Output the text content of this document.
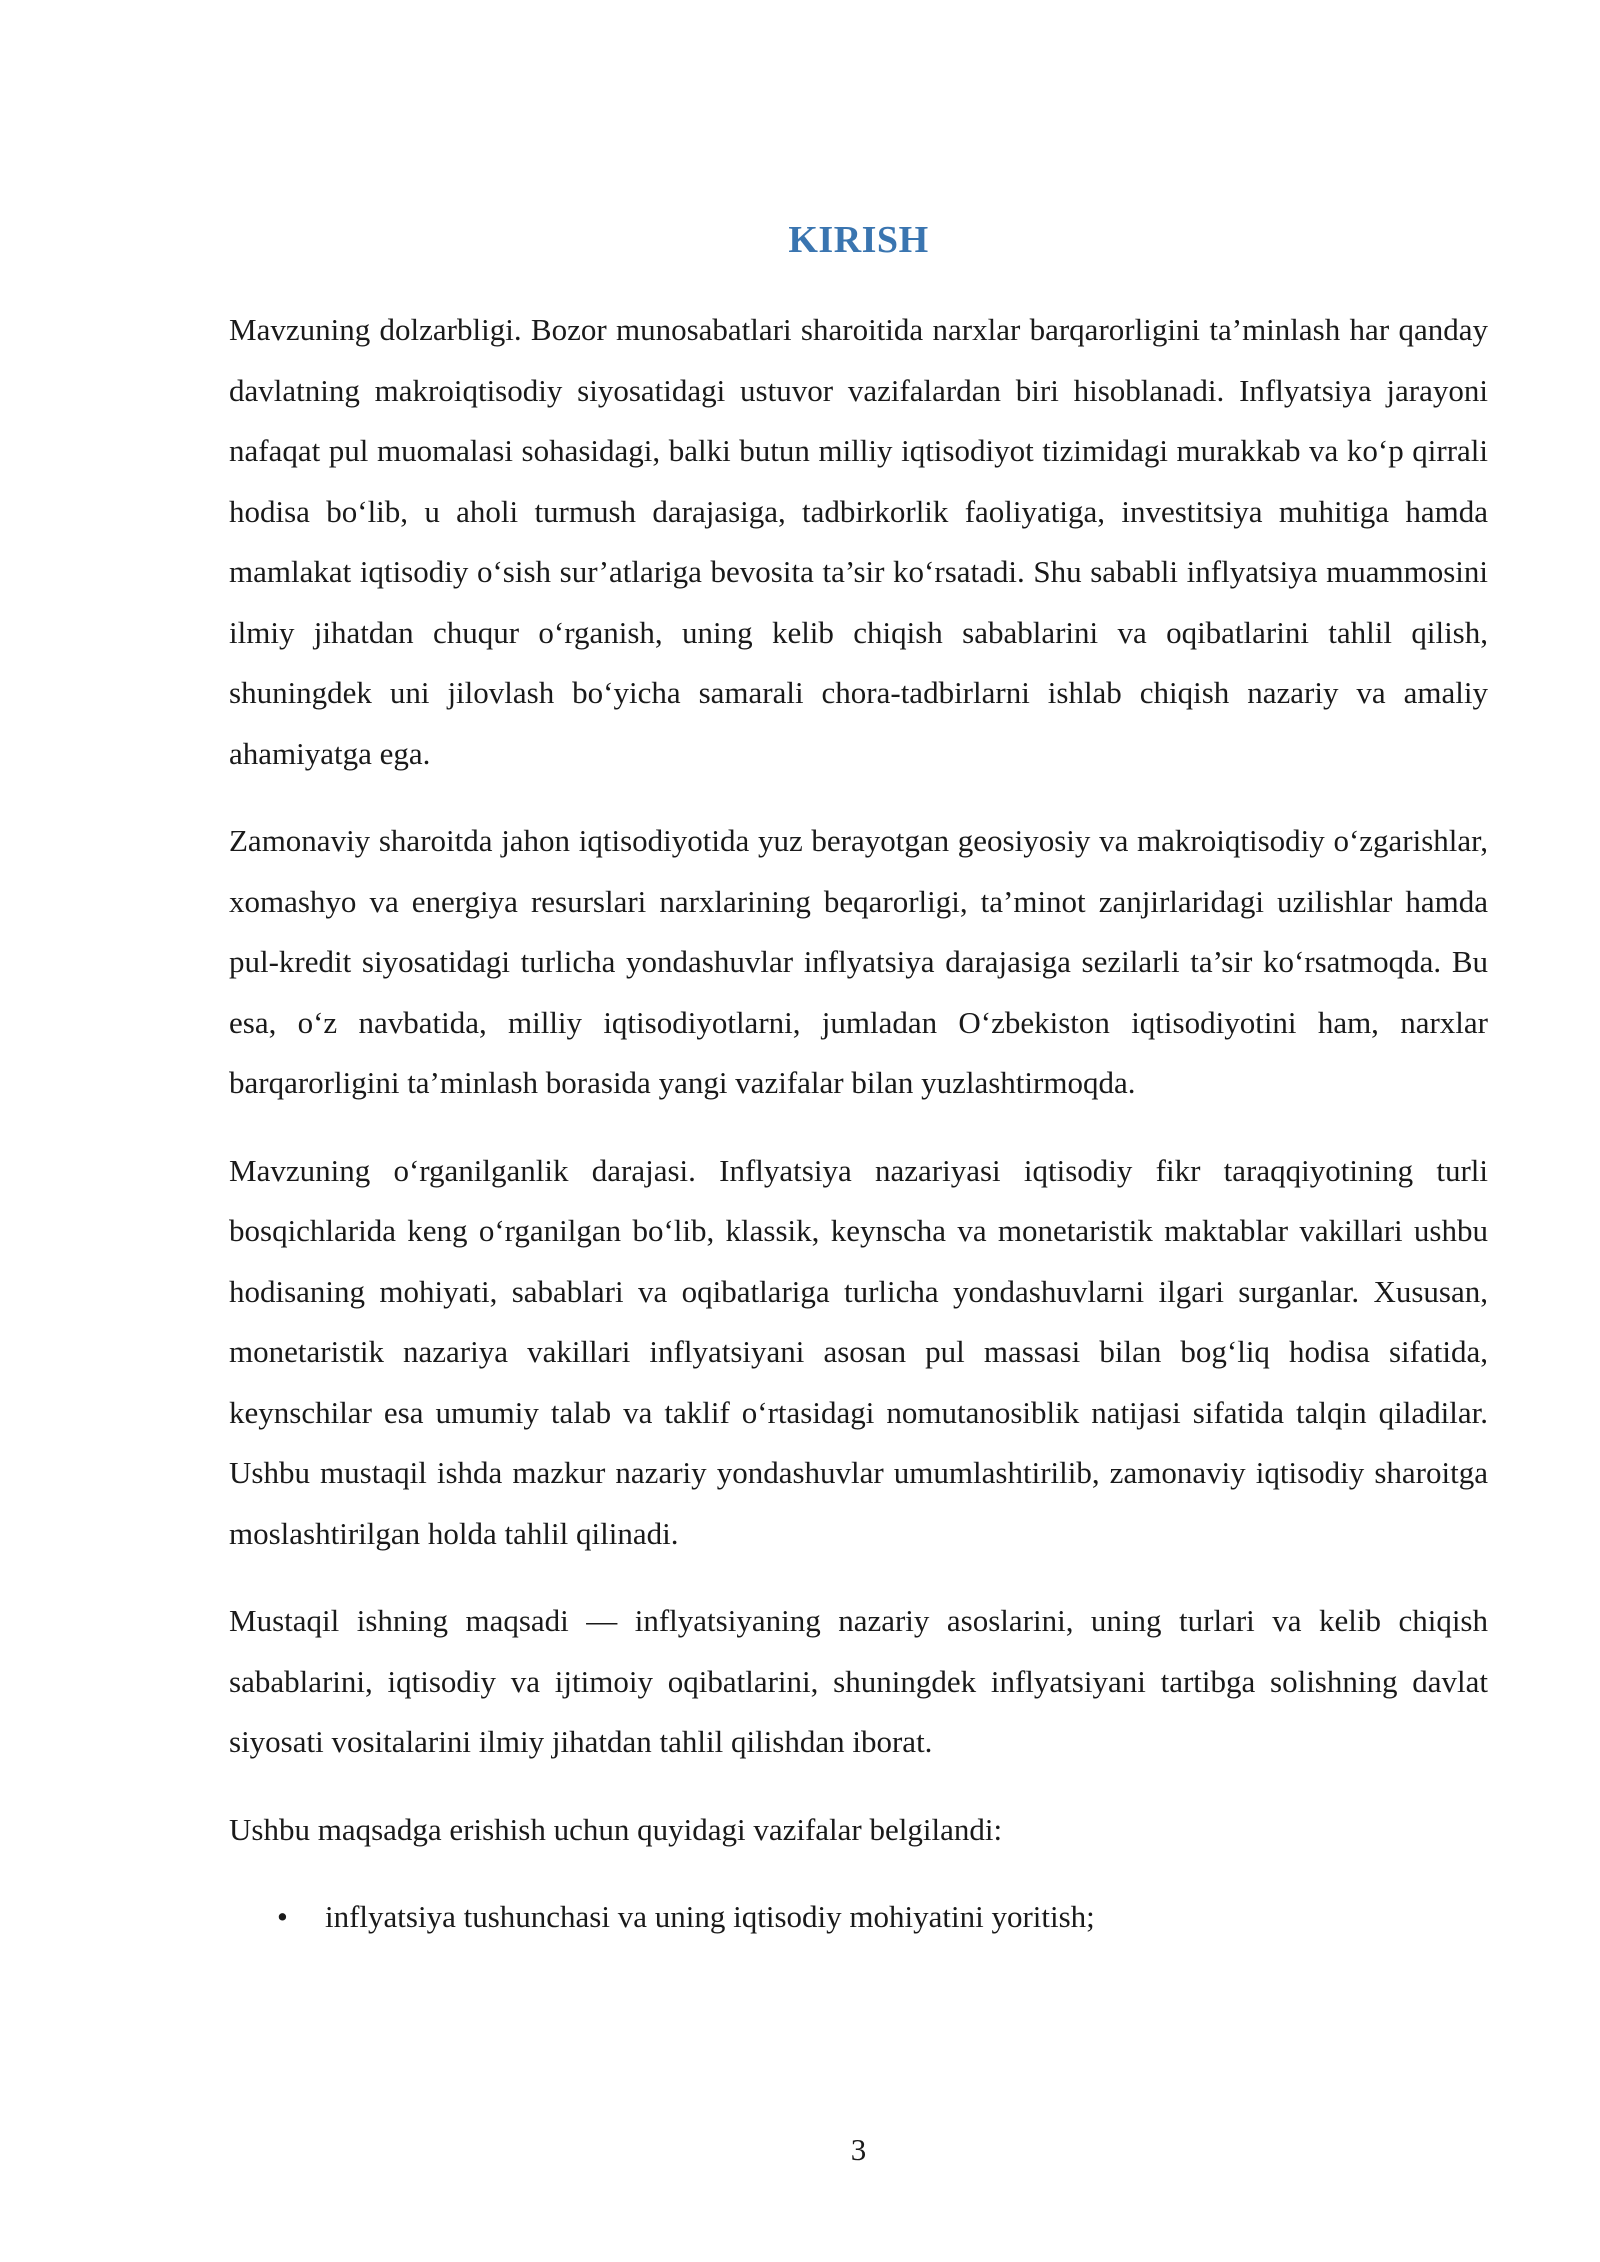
KIRISH

Mavzuning dolzarbligi. Bozor munosabatlari sharoitida narxlar barqarorligini ta’minlash har qanday davlatning makroiqtisodiy siyosatidagi ustuvor vazifalardan biri hisoblanadi. Inflyatsiya jarayoni nafaqat pul muomalasi sohasidagi, balki butun milliy iqtisodiyot tizimidagi murakkab va ko‘p qirrali hodisa bo‘lib, u aholi turmush darajasiga, tadbirkorlik faoliyatiga, investitsiya muhitiga hamda mamlakat iqtisodiy o‘sish sur’atlariga bevosita ta’sir ko‘rsatadi. Shu sababli inflyatsiya muammosini ilmiy jihatdan chuqur o‘rganish, uning kelib chiqish sabablarini va oqibatlarini tahlil qilish, shuningdek uni jilovlash bo‘yicha samarali chora-tadbirlarni ishlab chiqish nazariy va amaliy ahamiyatga ega.

Zamonaviy sharoitda jahon iqtisodiyotida yuz berayotgan geosiyosiy va makroiqtisodiy o‘zgarishlar, xomashyo va energiya resurslari narxlarining beqarorligi, ta’minot zanjirlaridagi uzilishlar hamda pul-kredit siyosatidagi turlicha yondashuvlar inflyatsiya darajasiga sezilarli ta’sir ko‘rsatmoqda. Bu esa, o‘z navbatida, milliy iqtisodiyotlarni, jumladan O‘zbekiston iqtisodiyotini ham, narxlar barqarorligini ta’minlash borasida yangi vazifalar bilan yuzlashtirmoqda.

Mavzuning o‘rganilganlik darajasi. Inflyatsiya nazariyasi iqtisodiy fikr taraqqiyotining turli bosqichlarida keng o‘rganilgan bo‘lib, klassik, keynscha va monetaristik maktablar vakillari ushbu hodisaning mohiyati, sabablari va oqibatlariga turlicha yondashuvlarni ilgari surganlar. Xususan, monetaristik nazariya vakillari inflyatsiyani asosan pul massasi bilan bog‘liq hodisa sifatida, keynschilar esa umumiy talab va taklif o‘rtasidagi nomutanosiblik natijasi sifatida talqin qiladilar. Ushbu mustaqil ishda mazkur nazariy yondashuvlar umumlashtirilib, zamonaviy iqtisodiy sharoitga moslashtirilgan holda tahlil qilinadi.

Mustaqil ishning maqsadi — inflyatsiyaning nazariy asoslarini, uning turlari va kelib chiqish sabablarini, iqtisodiy va ijtimoiy oqibatlarini, shuningdek inflyatsiyani tartibga solishning davlat siyosati vositalarini ilmiy jihatdan tahlil qilishdan iborat.

Ushbu maqsadga erishish uchun quyidagi vazifalar belgilandi:

• inflyatsiya tushunchasi va uning iqtisodiy mohiyatini yoritish;
3
